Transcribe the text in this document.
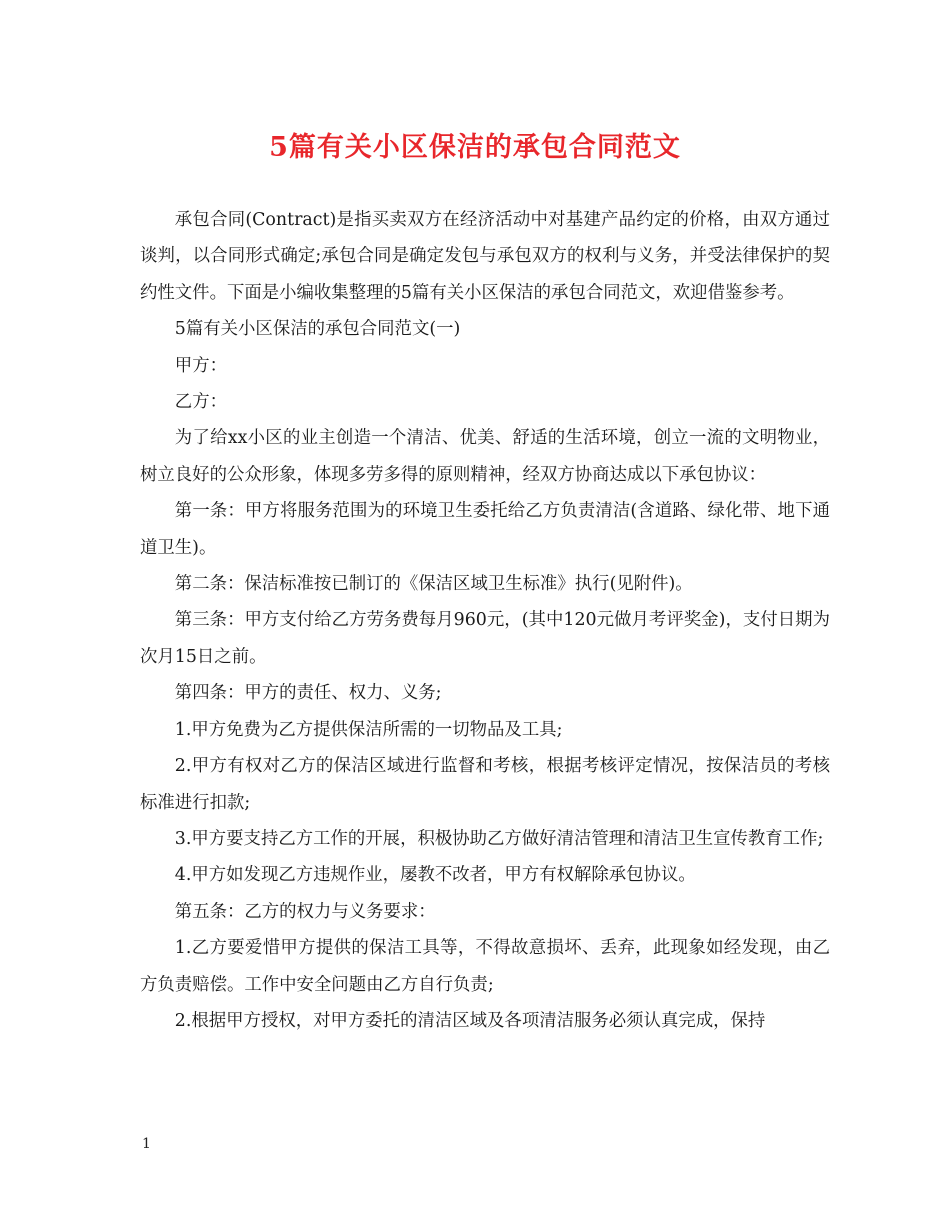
5篇有关小区保洁的承包合同范文

承包合同(Contract)是指买卖双方在经济活动中对基建产品约定的价格，由双方通过谈判，以合同形式确定;承包合同是确定发包与承包双方的权利与义务，并受法律保护的契约性文件。下面是小编收集整理的5篇有关小区保洁的承包合同范文，欢迎借鉴参考。

5篇有关小区保洁的承包合同范文(一)

甲方：

乙方：

为了给xx小区的业主创造一个清洁、优美、舒适的生活环境，创立一流的文明物业，树立良好的公众形象，体现多劳多得的原则精神，经双方协商达成以下承包协议：

第一条：甲方将服务范围为的环境卫生委托给乙方负责清洁(含道路、绿化带、地下通道卫生)。

第二条：保洁标准按已制订的《保洁区域卫生标准》执行(见附件)。

第三条：甲方支付给乙方劳务费每月960元，(其中120元做月考评奖金)，支付日期为次月15日之前。

第四条：甲方的责任、权力、义务;

1.甲方免费为乙方提供保洁所需的一切物品及工具;

2.甲方有权对乙方的保洁区域进行监督和考核，根据考核评定情况，按保洁员的考核标准进行扣款;

3.甲方要支持乙方工作的开展，积极协助乙方做好清洁管理和清洁卫生宣传教育工作;

4.甲方如发现乙方违规作业，屡教不改者，甲方有权解除承包协议。

第五条：乙方的权力与义务要求：

1.乙方要爱惜甲方提供的保洁工具等，不得故意损坏、丢弃，此现象如经发现，由乙方负责赔偿。工作中安全问题由乙方自行负责;

2.根据甲方授权，对甲方委托的清洁区域及各项清洁服务必须认真完成，保持

1
